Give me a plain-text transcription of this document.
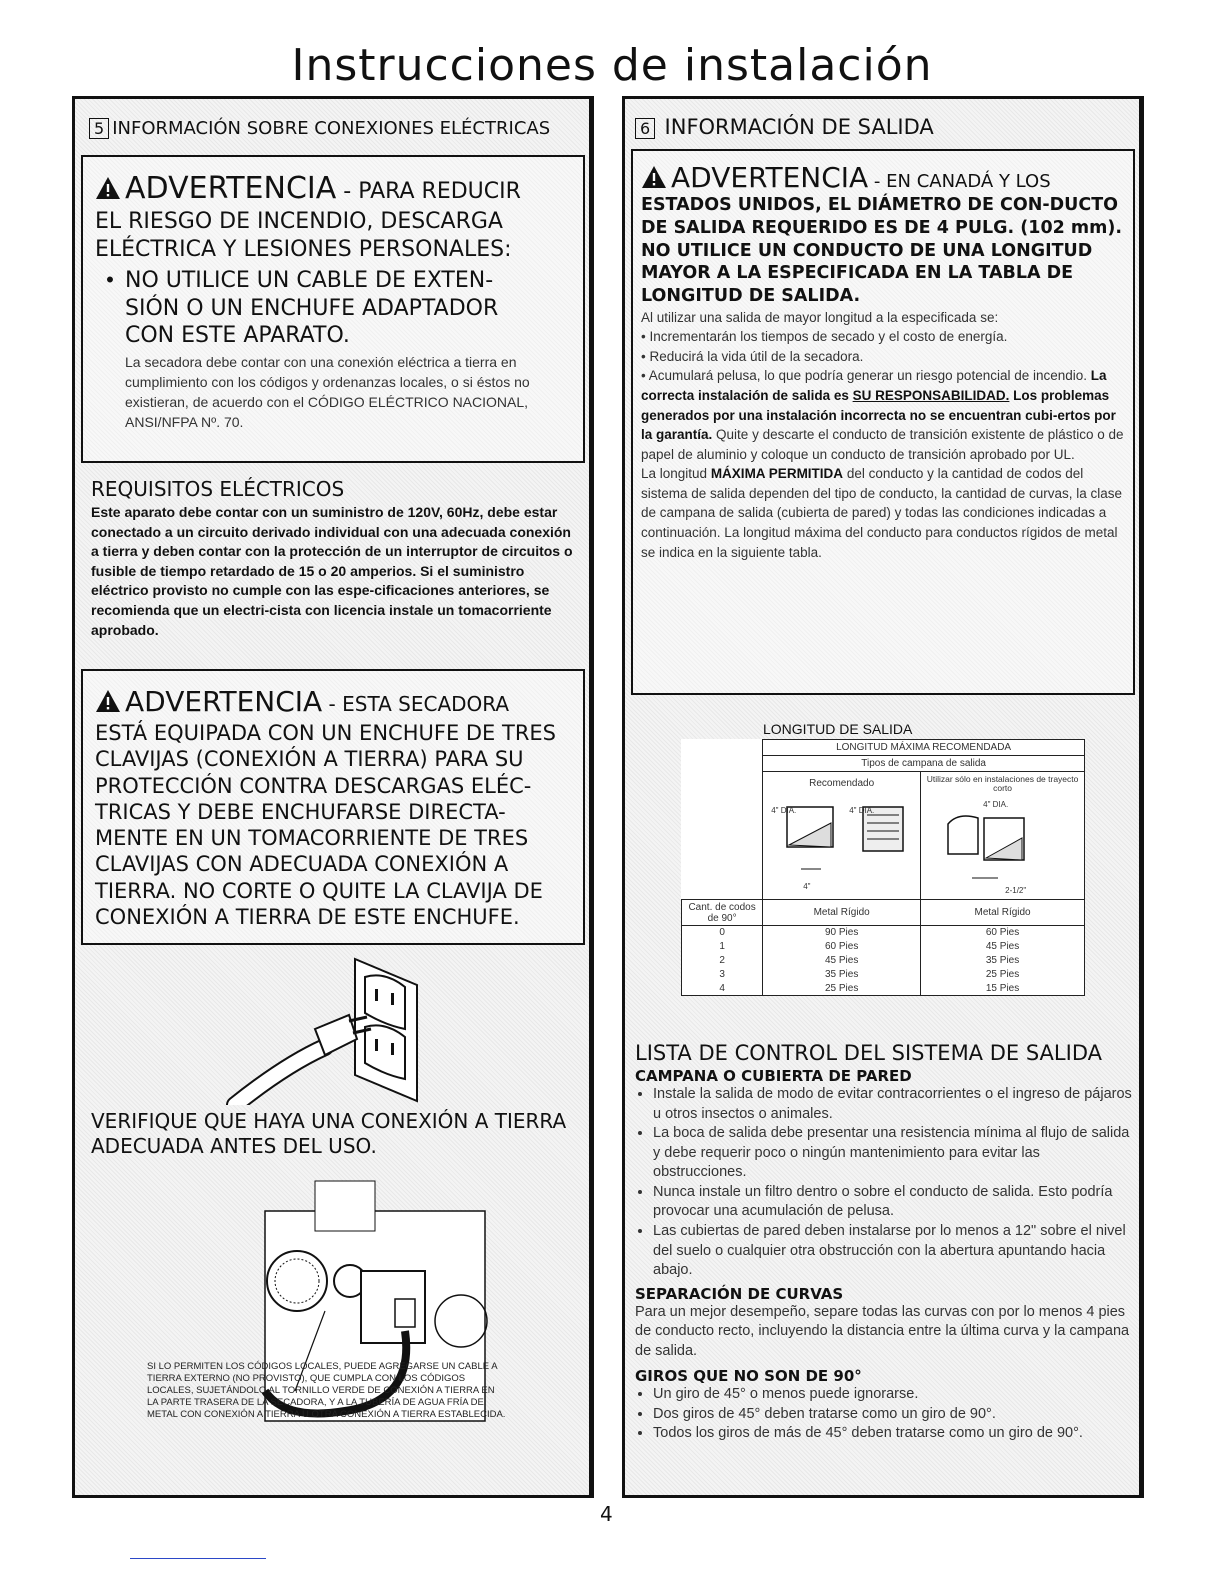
Instrucciones de instalación
5 INFORMACIÓN SOBRE CONEXIONES ELÉCTRICAS
ADVERTENCIA - PARA REDUCIR
EL RIESGO DE INCENDIO, DESCARGA
ELÉCTRICA Y LESIONES PERSONALES:
• NO UTILICE UN CABLE DE EXTEN-SIÓN O UN ENCHUFE ADAPTADOR CON ESTE APARATO.
La secadora debe contar con una conexión eléctrica a tierra en cumplimiento con los códigos y ordenanzas locales, o si éstos no existieran, de acuerdo con el CÓDIGO ELÉCTRICO NACIONAL, ANSI/NFPA Nº. 70.
REQUISITOS ELÉCTRICOS
Este aparato debe contar con un suministro de 120V, 60Hz, debe estar conectado a un circuito derivado individual con una adecuada conexión a tierra y deben contar con la protección de un interruptor de circuitos o fusible de tiempo retardado de 15 o 20 amperios. Si el suministro eléctrico provisto no cumple con las espe-cificaciones anteriores, se recomienda que un electri-cista con licencia instale un tomacorriente aprobado.
ADVERTENCIA - ESTA SECADORA
ESTÁ EQUIPADA CON UN ENCHUFE DE TRES CLAVIJAS (CONEXIÓN A TIERRA) PARA SU PROTECCIÓN CONTRA DESCARGAS ELÉC-TRICAS Y DEBE ENCHUFARSE DIRECTA-MENTE EN UN TOMACORRIENTE DE TRES CLAVIJAS CON ADECUADA CONEXIÓN A TIERRA. NO CORTE O QUITE LA CLAVIJA DE CONEXIÓN A TIERRA DE ESTE ENCHUFE.
VERIFIQUE QUE HAYA UNA CONEXIÓN A TIERRA ADECUADA ANTES DEL USO.
SI LO PERMITEN LOS CÓDIGOS LOCALES, PUEDE AGREGARSE UN CABLE A TIERRA EXTERNO (NO PROVISTO), QUE CUMPLA CON LOS CÓDIGOS LOCALES, SUJETÁNDOLO AL TORNILLO VERDE DE CONEXIÓN A TIERRA EN LA PARTE TRASERA DE LA SECADORA, Y A LA TUBERÍA DE AGUA FRÍA DE METAL CON CONEXIÓN A TIERRA U OTRA CONEXIÓN A TIERRA ESTABLECIDA.
6 INFORMACIÓN DE SALIDA
ADVERTENCIA - EN CANADÁ Y LOS
ESTADOS UNIDOS, EL DIÁMETRO DE CON-DUCTO DE SALIDA REQUERIDO ES DE 4 PULG. (102 mm). NO UTILICE UN CONDUCTO DE UNA LONGITUD MAYOR A LA ESPECIFICADA EN LA TABLA DE LONGITUD DE SALIDA.
Al utilizar una salida de mayor longitud a la especificada se:
• Incrementarán los tiempos de secado y el costo de energía.
• Reducirá la vida útil de la secadora.
• Acumulará pelusa, lo que podría generar un riesgo potencial de incendio. La correcta instalación de salida es SU RESPONSABILIDAD. Los problemas generados por una instalación incorrecta no se encuentran cubi-ertos por la garantía. Quite y descarte el conducto de transición existente de plástico o de papel de aluminio y coloque un conducto de transición aprobado por UL.
La longitud MÁXIMA PERMITIDA del conducto y la cantidad de codos del sistema de salida dependen del tipo de conducto, la cantidad de curvas, la clase de campana de salida (cubierta de pared) y todas las condiciones indicadas a continuación. La longitud máxima del conducto para conductos rígidos de metal se indica en la siguiente tabla.
LONGITUD DE SALIDA
	LONGITUD MÁXIMA RECOMENDADA	
	Tipos de campana de salida	

	Recomendado
4" DIA. 4" DIA.
4"	Utilizar sólo en instalaciones de trayecto corto
4" DIA.
2-1/2"

Cant. de codos de 90°	Metal Rígido	Metal Rígido
0	90 Pies	60 Pies
1	60 Pies	45 Pies
2	45 Pies	35 Pies
3	35 Pies	25 Pies
4	25 Pies	15 Pies
LISTA DE CONTROL DEL SISTEMA DE SALIDA
CAMPANA O CUBIERTA DE PARED
• Instale la salida de modo de evitar contracorrientes o el ingreso de pájaros u otros insectos o animales.
• La boca de salida debe presentar una resistencia mínima al flujo de salida y debe requerir poco o ningún mantenimiento para evitar las obstrucciones.
• Nunca instale un filtro dentro o sobre el conducto de salida. Esto podría provocar una acumulación de pelusa.
• Las cubiertas de pared deben instalarse por lo menos a 12" sobre el nivel del suelo o cualquier otra obstrucción con la abertura apuntando hacia abajo.
SEPARACIÓN DE CURVAS
Para un mejor desempeño, separe todas las curvas con por lo menos 4 pies de conducto recto, incluyendo la distancia entre la última curva y la campana de salida.
GIROS QUE NO SON DE 90°
• Un giro de 45° o menos puede ignorarse.
• Dos giros de 45° deben tratarse como un giro de 90°.
• Todos los giros de más de 45° deben tratarse como un giro de 90°.
4
